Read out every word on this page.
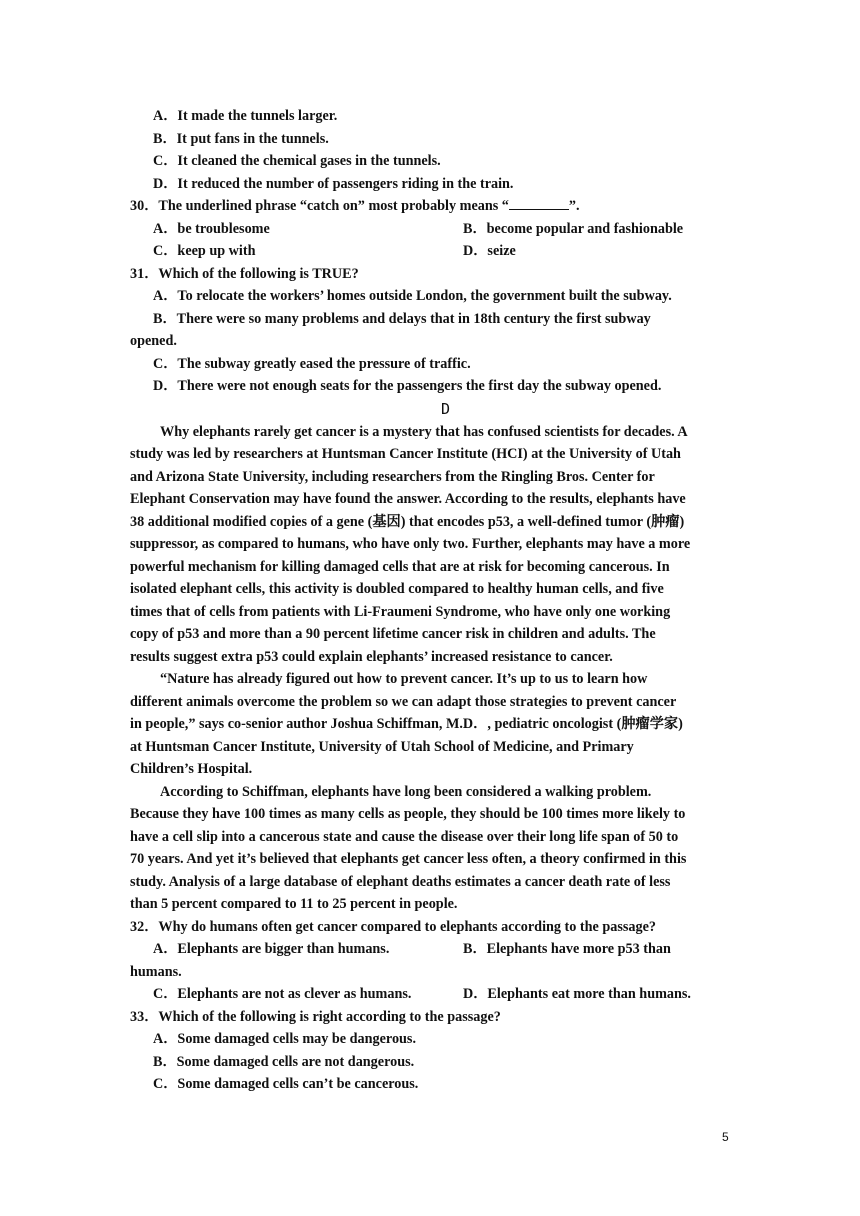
A．It made the tunnels larger.
B．It put fans in the tunnels.
C．It cleaned the chemical gases in the tunnels.
D．It reduced the number of passengers riding in the train.
30．The underlined phrase “catch on” most probably means “	”.
A．be troublesome	B．become popular and fashionable
C．keep up with	D．seize
31．Which of the following is TRUE?
A．To relocate the workers’ homes outside London, the government built the subway.
B．There were so many problems and delays that in 18th century the first subway
opened.
C．The subway greatly eased the pressure of traffic.
D．There were not enough seats for the passengers the first day the subway opened.
D
Why elephants rarely get cancer is a mystery that has confused scientists for decades. A
study was led by researchers at Huntsman Cancer Institute (HCI) at the University of Utah
and Arizona State University, including researchers from the Ringling Bros. Center for
Elephant Conservation may have found the answer. According to the results, elephants have
38 additional modified copies of a gene (基因) that encodes p53, a well-defined tumor (肿瘤)
suppressor, as compared to humans, who have only two. Further, elephants may have a more
powerful mechanism for killing damaged cells that are at risk for becoming cancerous. In
isolated elephant cells, this activity is doubled compared to healthy human cells, and five
times that of cells from patients with Li-Fraumeni Syndrome, who have only one working
copy of p53 and more than a 90 percent lifetime cancer risk in children and adults. The
results suggest extra p53 could explain elephants’ increased resistance to cancer.
“Nature has already figured out how to prevent cancer. It’s up to us to learn how
different animals overcome the problem so we can adapt those strategies to prevent cancer
in people,” says co-senior author Joshua Schiffman, M.D．, pediatric oncologist (肿瘤学家)
at Huntsman Cancer Institute, University of Utah School of Medicine, and Primary
Children’s Hospital.
According to Schiffman, elephants have long been considered a walking problem.
Because they have 100 times as many cells as people, they should be 100 times more likely to
have a cell slip into a cancerous state and cause the disease over their long life span of 50 to
70 years. And yet it’s believed that elephants get cancer less often, a theory confirmed in this
study. Analysis of a large database of elephant deaths estimates a cancer death rate of less
than 5 percent compared to 11 to 25 percent in people.
32．Why do humans often get cancer compared to elephants according to the passage?
A．Elephants are bigger than humans.	B．Elephants have more p53 than
humans.
C．Elephants are not as clever as humans.	D．Elephants eat more than humans.
33．Which of the following is right according to the passage?
A．Some damaged cells may be dangerous.
B．Some damaged cells are not dangerous.
C．Some damaged cells can’t be cancerous.
5
